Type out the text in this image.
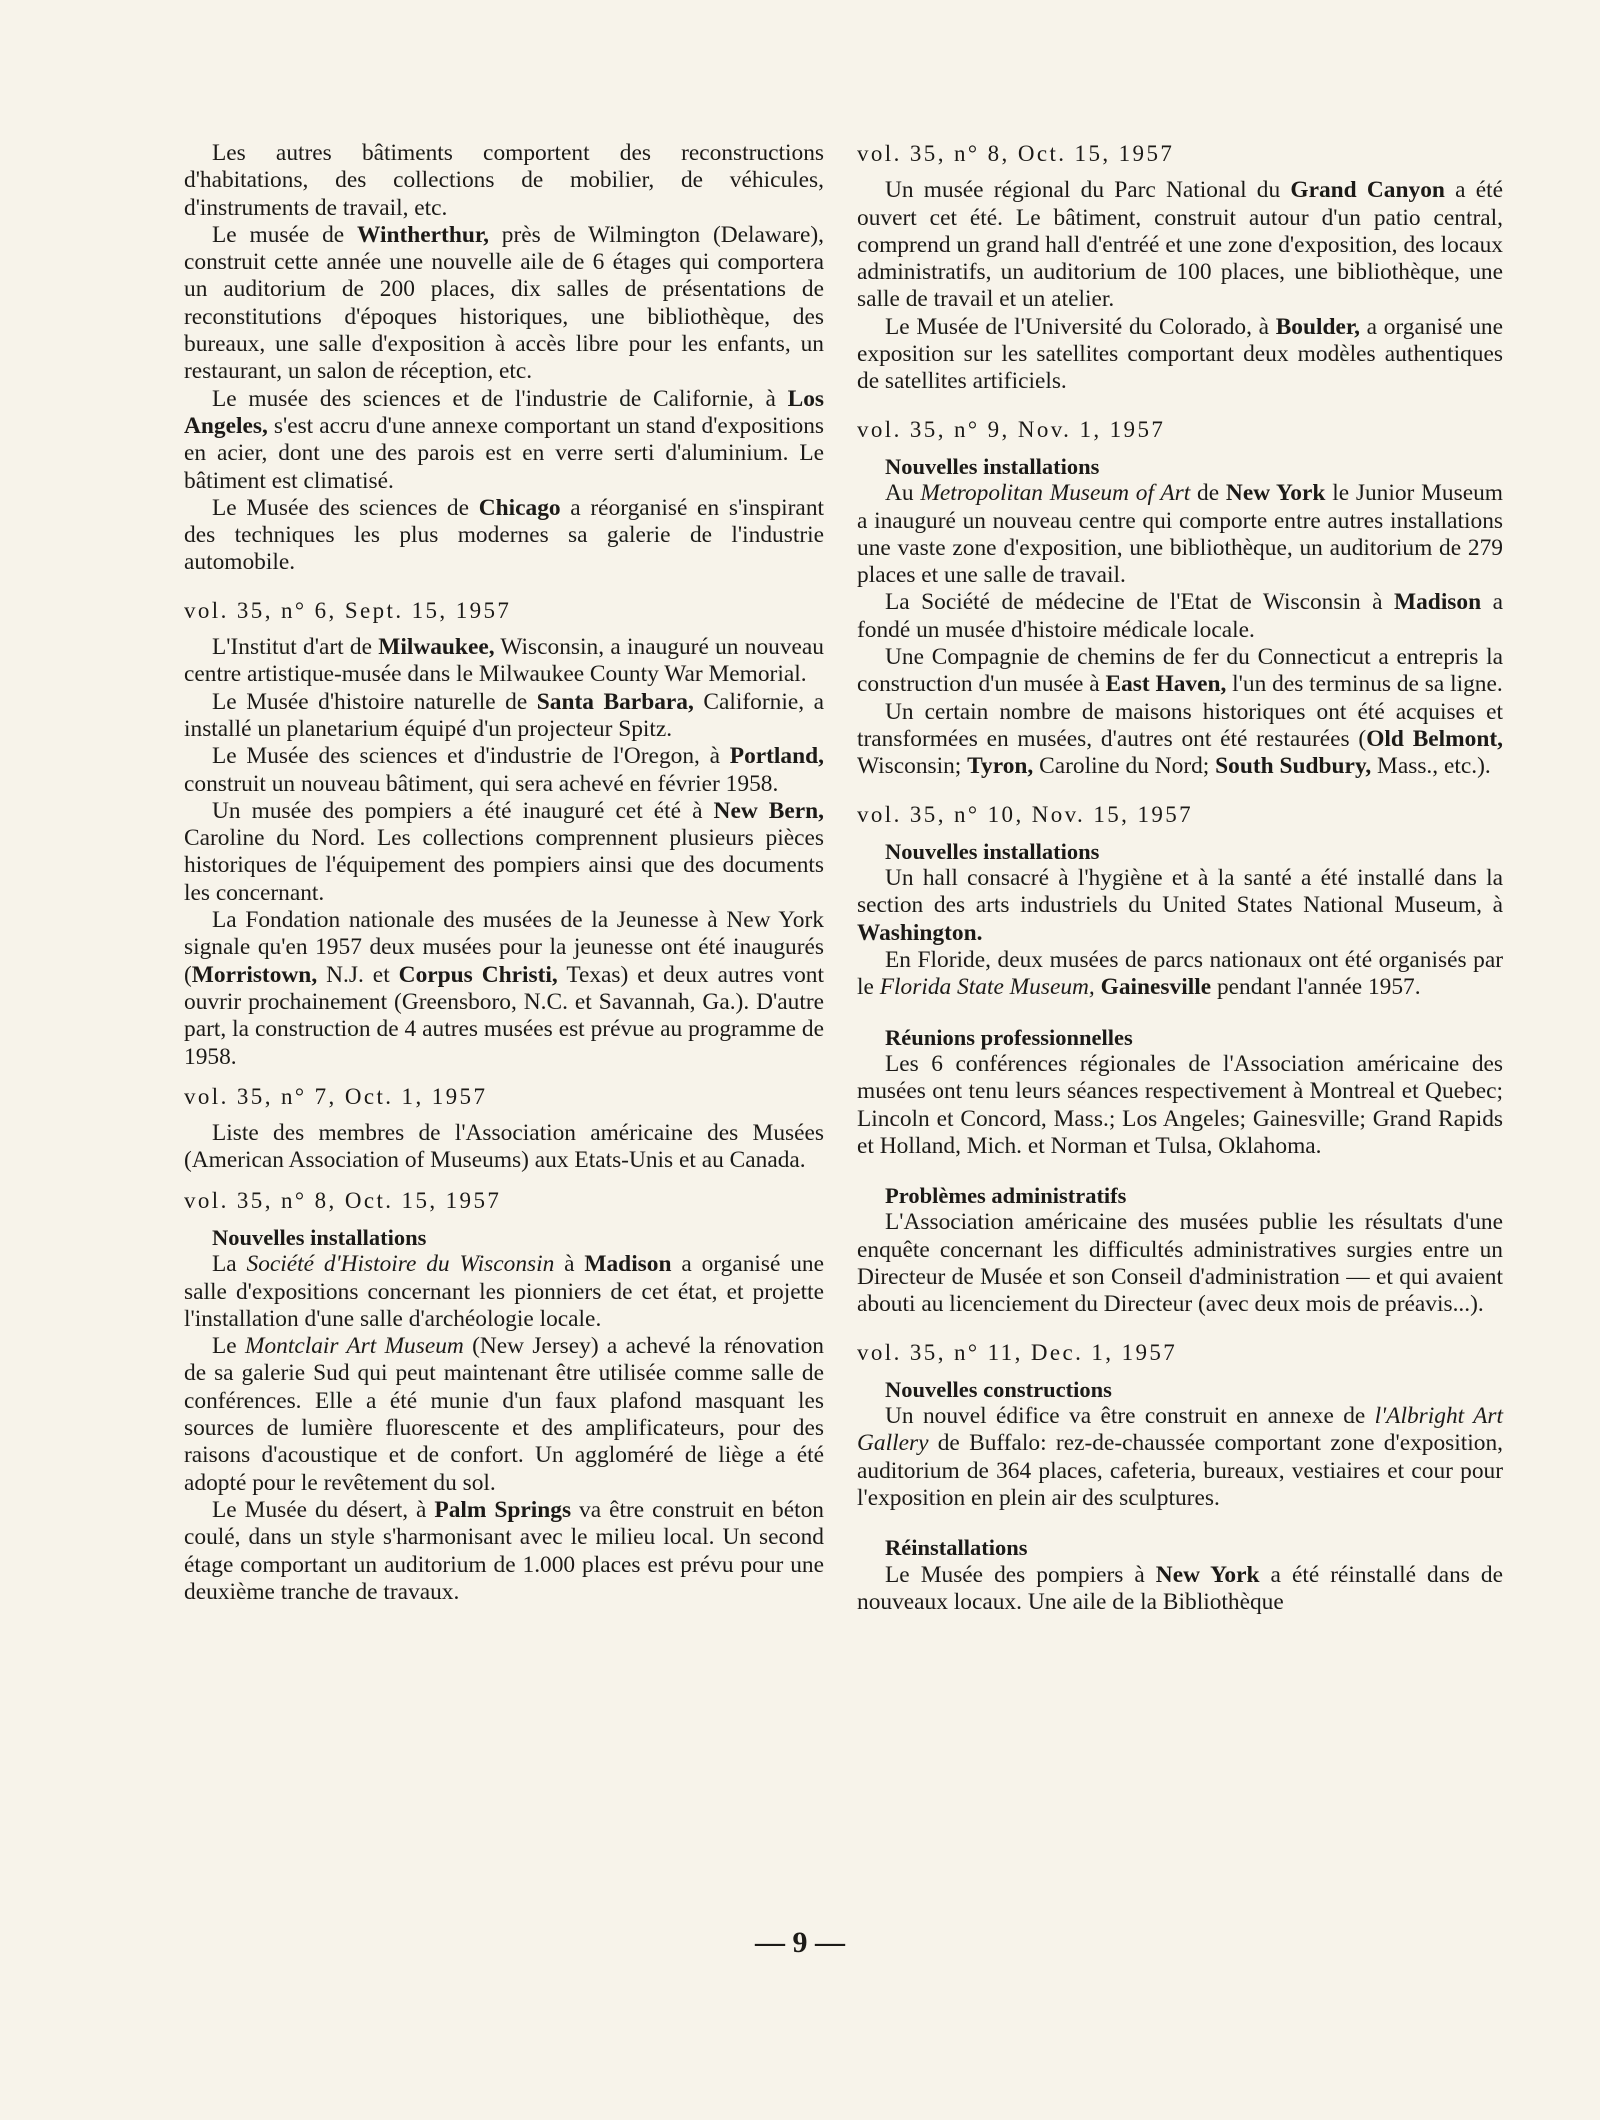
Les autres bâtiments comportent des reconstructions d'habitations, des collections de mobilier, de véhicules, d'instruments de travail, etc.

Le musée de Wintherthur, près de Wilmington (Delaware), construit cette année une nouvelle aile de 6 étages qui comportera un auditorium de 200 places, dix salles de présentations de reconstitutions d'époques historiques, une bibliothèque, des bureaux, une salle d'exposition à accès libre pour les enfants, un restaurant, un salon de réception, etc.

Le musée des sciences et de l'industrie de Californie, à Los Angeles, s'est accru d'une annexe comportant un stand d'expositions en acier, dont une des parois est en verre serti d'aluminium. Le bâtiment est climatisé.

Le Musée des sciences de Chicago a réorganisé en s'inspirant des techniques les plus modernes sa galerie de l'industrie automobile.

vol. 35, n° 6, Sept. 15, 1957

L'Institut d'art de Milwaukee, Wisconsin, a inauguré un nouveau centre artistique-musée dans le Milwaukee County War Memorial.

Le Musée d'histoire naturelle de Santa Barbara, Californie, a installé un planetarium équipé d'un projecteur Spitz.

Le Musée des sciences et d'industrie de l'Oregon, à Portland, construit un nouveau bâtiment, qui sera achevé en février 1958.

Un musée des pompiers a été inauguré cet été à New Bern, Caroline du Nord. Les collections comprennent plusieurs pièces historiques de l'équipement des pompiers ainsi que des documents les concernant.

La Fondation nationale des musées de la Jeunesse à New York signale qu'en 1957 deux musées pour la jeunesse ont été inaugurés (Morristown, N.J. et Corpus Christi, Texas) et deux autres vont ouvrir prochainement (Greensboro, N.C. et Savannah, Ga.). D'autre part, la construction de 4 autres musées est prévue au programme de 1958.

vol. 35, n° 7, Oct. 1, 1957

Liste des membres de l'Association américaine des Musées (American Association of Museums) aux Etats-Unis et au Canada.

vol. 35, n° 8, Oct. 15, 1957
Nouvelles installations

La Société d'Histoire du Wisconsin à Madison a organisé une salle d'expositions concernant les pionniers de cet état, et projette l'installation d'une salle d'archéologie locale.

Le Montclair Art Museum (New Jersey) a achevé la rénovation de sa galerie Sud qui peut maintenant être utilisée comme salle de conférences. Elle a été munie d'un faux plafond masquant les sources de lumière fluorescente et des amplificateurs, pour des raisons d'acoustique et de confort. Un aggloméré de liège a été adopté pour le revêtement du sol.

Le Musée du désert, à Palm Springs va être construit en béton coulé, dans un style s'harmonisant avec le milieu local. Un second étage comportant un auditorium de 1.000 places est prévu pour une deuxième tranche de travaux.

vol. 35, n° 8, Oct. 15, 1957

Un musée régional du Parc National du Grand Canyon a été ouvert cet été. Le bâtiment, construit autour d'un patio central, comprend un grand hall d'entréé et une zone d'exposition, des locaux administratifs, un auditorium de 100 places, une bibliothèque, une salle de travail et un atelier.

Le Musée de l'Université du Colorado, à Boulder, a organisé une exposition sur les satellites comportant deux modèles authentiques de satellites artificiels.

vol. 35, n° 9, Nov. 1, 1957
Nouvelles installations

Au Metropolitan Museum of Art de New York le Junior Museum a inauguré un nouveau centre qui comporte entre autres installations une vaste zone d'exposition, une bibliothèque, un auditorium de 279 places et une salle de travail.

La Société de médecine de l'Etat de Wisconsin à Madison a fondé un musée d'histoire médicale locale.

Une Compagnie de chemins de fer du Connecticut a entrepris la construction d'un musée à East Haven, l'un des terminus de sa ligne.

Un certain nombre de maisons historiques ont été acquises et transformées en musées, d'autres ont été restaurées (Old Belmont, Wisconsin; Tyron, Caroline du Nord; South Sudbury, Mass., etc.).

vol. 35, n° 10, Nov. 15, 1957
Nouvelles installations

Un hall consacré à l'hygiène et à la santé a été installé dans la section des arts industriels du United States National Museum, à Washington.

En Floride, deux musées de parcs nationaux ont été organisés par le Florida State Museum, Gainesville pendant l'année 1957.

Réunions professionnelles

Les 6 conférences régionales de l'Association américaine des musées ont tenu leurs séances respectivement à Montreal et Quebec; Lincoln et Concord, Mass.; Los Angeles; Gainesville; Grand Rapids et Holland, Mich. et Norman et Tulsa, Oklahoma.

Problèmes administratifs

L'Association américaine des musées publie les résultats d'une enquête concernant les difficultés administratives surgies entre un Directeur de Musée et son Conseil d'administration — et qui avaient abouti au licenciement du Directeur (avec deux mois de préavis...).

vol. 35, n° 11, Dec. 1, 1957
Nouvelles constructions

Un nouvel édifice va être construit en annexe de l'Albright Art Gallery de Buffalo: rez-de-chaussée comportant zone d'exposition, auditorium de 364 places, cafeteria, bureaux, vestiaires et cour pour l'exposition en plein air des sculptures.

Réinstallations

Le Musée des pompiers à New York a été réinstallé dans de nouveaux locaux. Une aile de la Bibliothèque

— 9 —
